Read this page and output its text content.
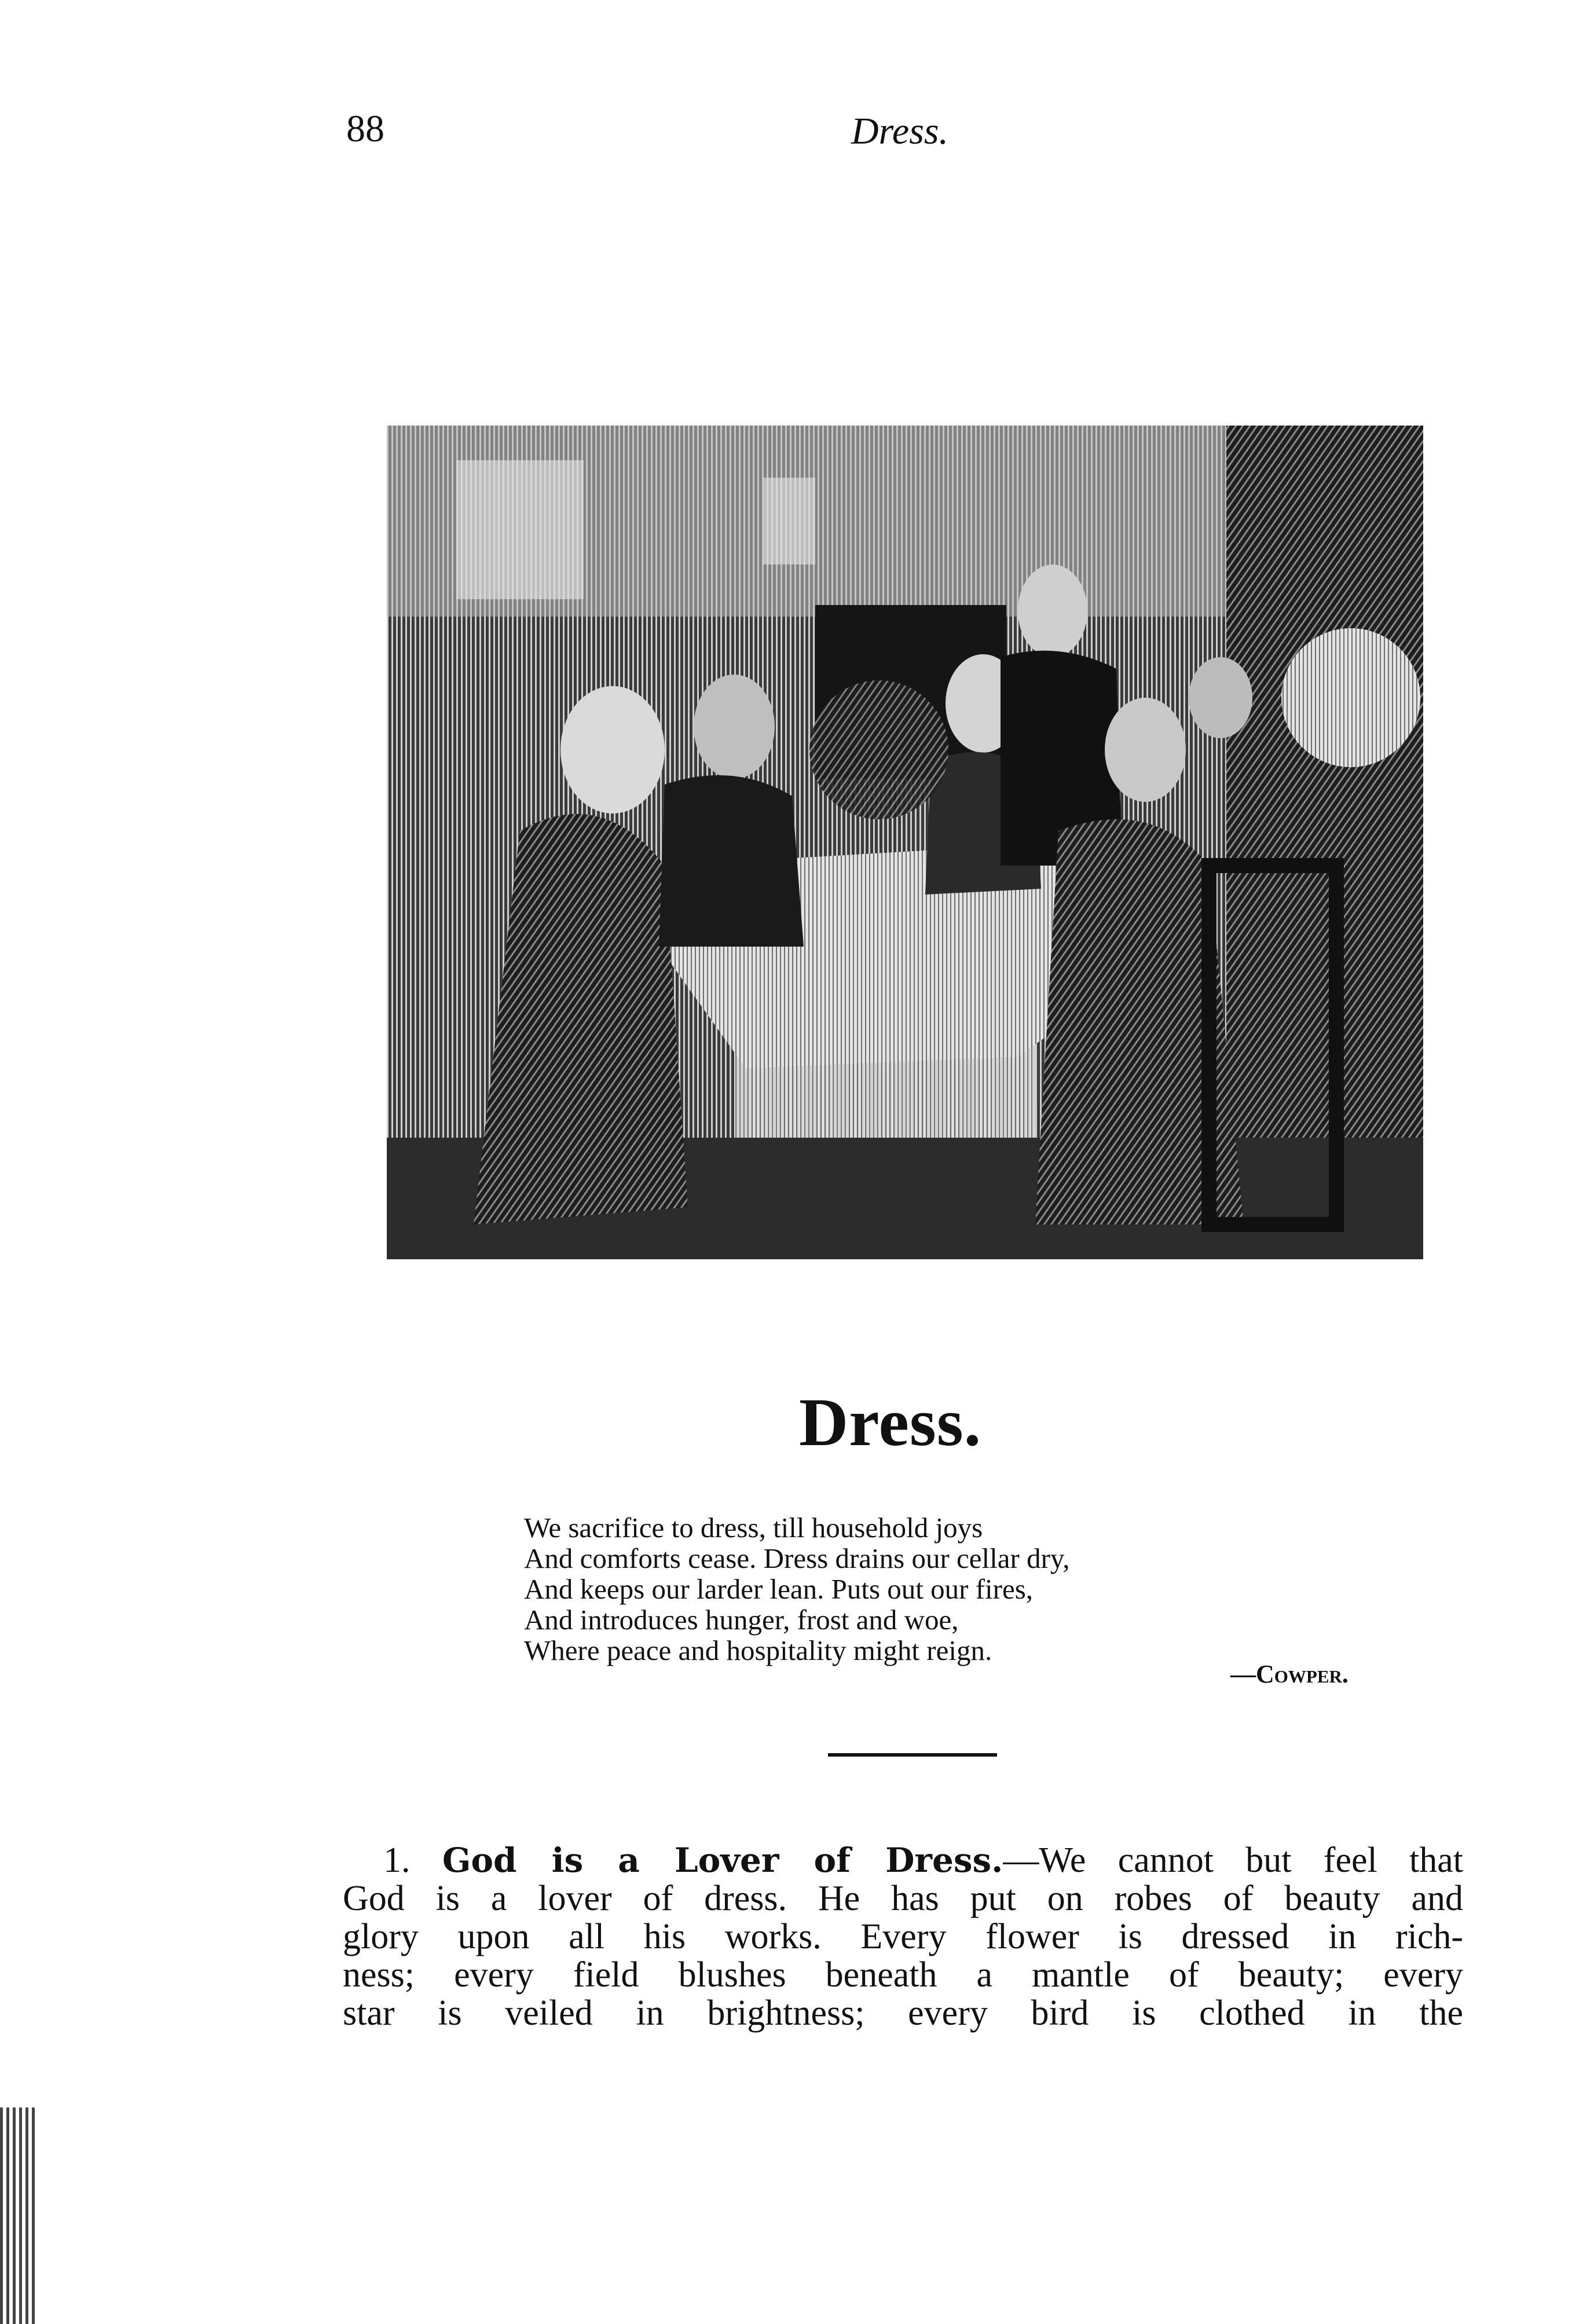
88	Dress.
Dress.
We sacrifice to dress, till household joys
And comforts cease. Dress drains our cellar dry,
And keeps our larder lean. Puts out our fires,
And introduces hunger, frost and woe,
Where peace and hospitality might reign.
—Cowper.
1. God is a Lover of Dress.—We cannot but feel that
God is a lover of dress. He has put on robes of beauty and
glory upon all his works. Every flower is dressed in rich-
ness; every field blushes beneath a mantle of beauty; every
star is veiled in brightness; every bird is clothed in the
